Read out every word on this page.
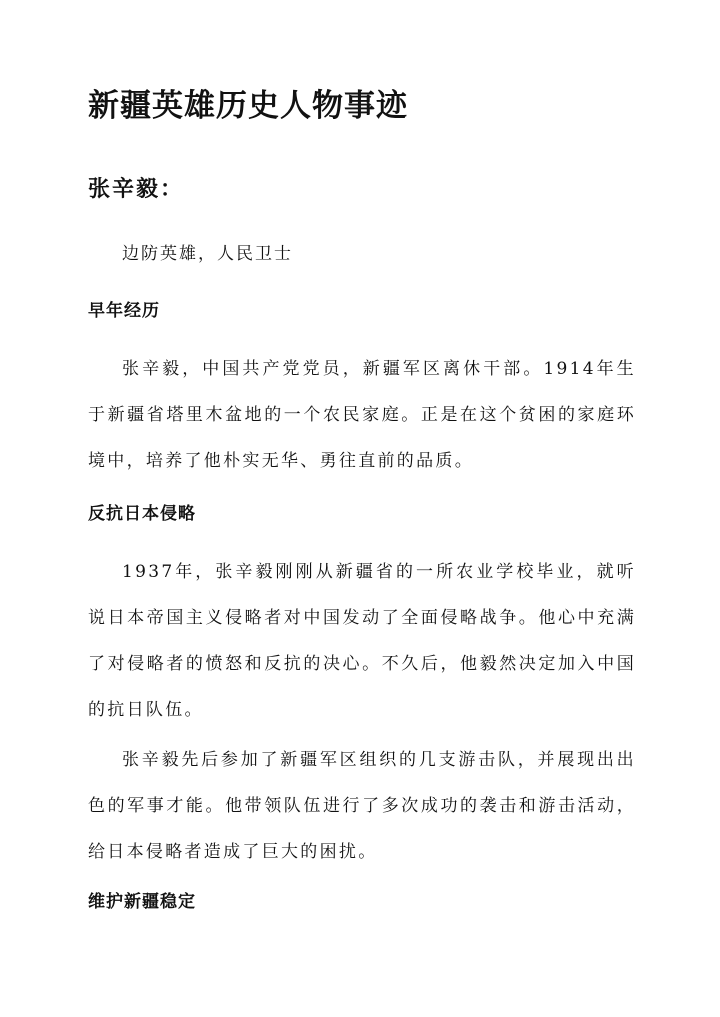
新疆英雄历史人物事迹
张辛毅：

边防英雄，人民卫士

早年经历

张辛毅，中国共产党党员，新疆军区离休干部。1914年生于新疆省塔里木盆地的一个农民家庭。正是在这个贫困的家庭环境中，培养了他朴实无华、勇往直前的品质。

反抗日本侵略

1937年，张辛毅刚刚从新疆省的一所农业学校毕业，就听说日本帝国主义侵略者对中国发动了全面侵略战争。他心中充满了对侵略者的愤怒和反抗的决心。不久后，他毅然决定加入中国的抗日队伍。

张辛毅先后参加了新疆军区组织的几支游击队，并展现出出色的军事才能。他带领队伍进行了多次成功的袭击和游击活动，给日本侵略者造成了巨大的困扰。

维护新疆稳定
